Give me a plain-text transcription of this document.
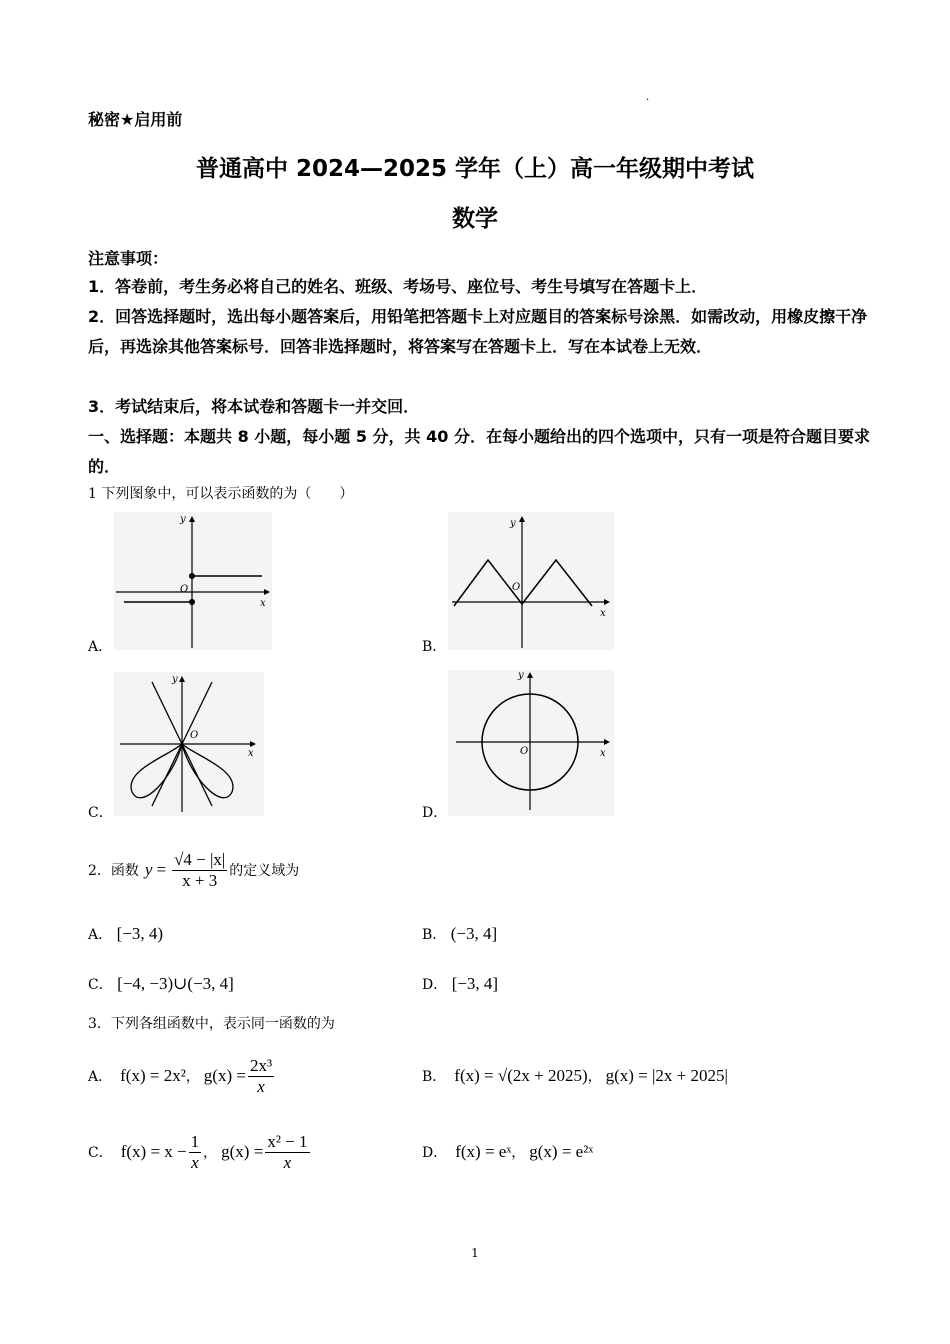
秘密★启用前
.
普通高中 2024—2025 学年（上）高一年级期中考试
数学
注意事项：
1．答卷前，考生务必将自己的姓名、班级、考场号、座位号、考生号填写在答题卡上．
2．回答选择题时，选出每小题答案后，用铅笔把答题卡上对应题目的答案标号涂黑．如需改动，用橡皮擦干净后，再选涂其他答案标号．回答非选择题时，将答案写在答题卡上．写在本试卷上无效．
3．考试结束后，将本试卷和答题卡一并交回．
一、选择题：本题共 8 小题，每小题 5 分，共 40 分．在每小题给出的四个选项中，只有一项是符合题目要求的．
1 下列图象中，可以表示函数的为（　　）
y
x
O
A．
y
x
O
B．
y
x
O
C．
y
x
O
D．
2．函数 $y = \frac{√4 - |x|}{x + 3}$ 的定义域为
A． [−3, 4)	B． (−3, 4]
C． [−4, −3)∪(−3, 4]	D． [−3, 4]
3．下列各组函数中，表示同一函数的为
A． f(x) = 2x² ， $g(x) = \frac{\text{2x³}}{x}$	B． f(x) = √(2x + 2025) ， g(x) = |2x + 2025|
C． $f(x) = x - \frac{1}{x}$ ， $g(x) = \frac{\text{x² − 1}}{x}$	D． f(x) = eˣ ， g(x) = e²ˣ
1
